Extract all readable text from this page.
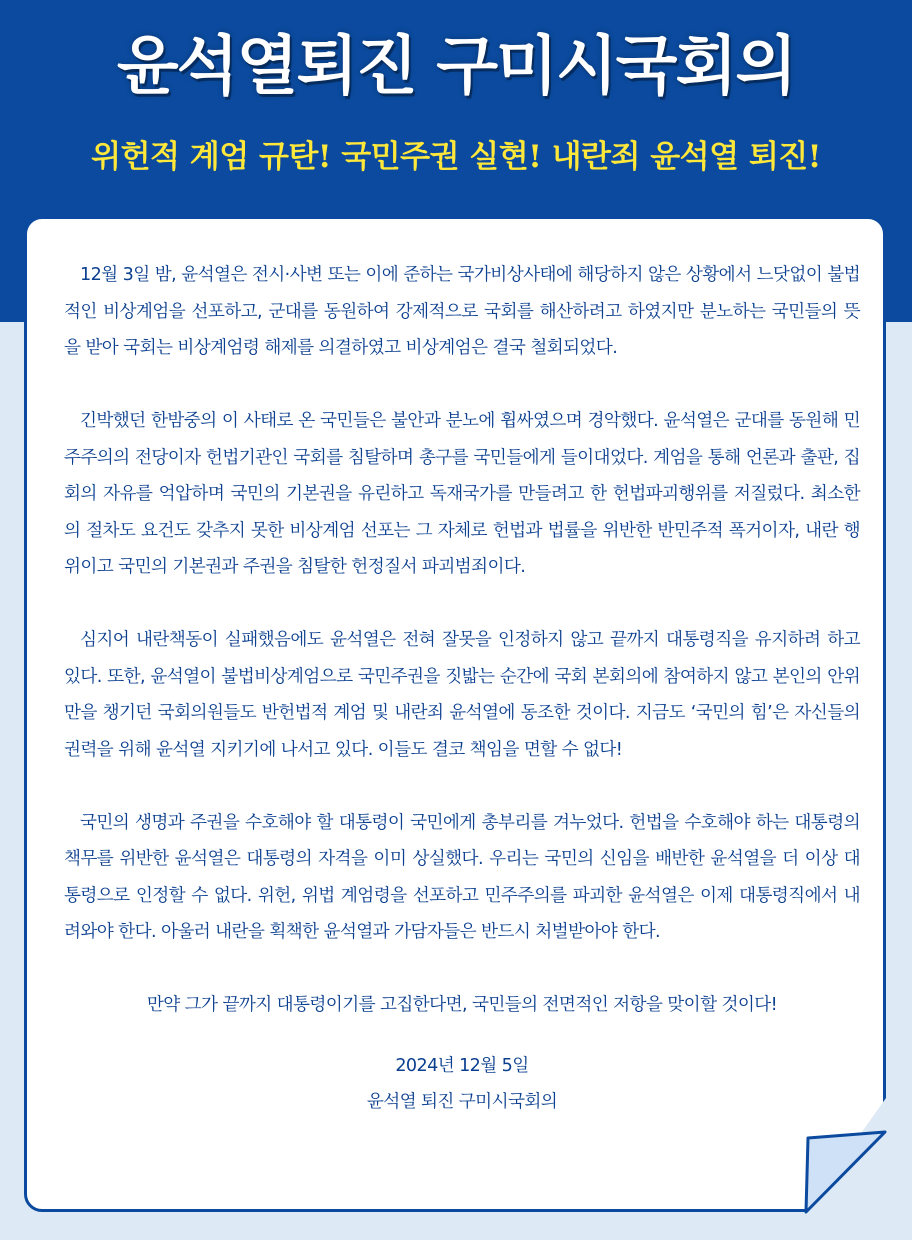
윤석열퇴진 구미시국회의
위헌적 계엄 규탄! 국민주권 실현! 내란죄 윤석열 퇴진!

12월 3일 밤, 윤석열은 전시·사변 또는 이에 준하는 국가비상사태에 해당하지 않은 상황에서 느닷없이 불법적인 비상계엄을 선포하고, 군대를 동원하여 강제적으로 국회를 해산하려고 하였지만 분노하는 국민들의 뜻을 받아 국회는 비상계엄령 해제를 의결하였고 비상계엄은 결국 철회되었다.

긴박했던 한밤중의 이 사태로 온 국민들은 불안과 분노에 휩싸였으며 경악했다. 윤석열은 군대를 동원해 민주주의의 전당이자 헌법기관인 국회를 침탈하며 총구를 국민들에게 들이대었다. 계엄을 통해 언론과 출판, 집회의 자유를 억압하며 국민의 기본권을 유린하고 독재국가를 만들려고 한 헌법파괴행위를 저질렀다. 최소한의 절차도 요건도 갖추지 못한 비상계엄 선포는 그 자체로 헌법과 법률을 위반한 반민주적 폭거이자, 내란 행위이고 국민의 기본권과 주권을 침탈한 헌정질서 파괴범죄이다.

심지어 내란책동이 실패했음에도 윤석열은 전혀 잘못을 인정하지 않고 끝까지 대통령직을 유지하려 하고 있다. 또한, 윤석열이 불법비상계엄으로 국민주권을 짓밟는 순간에 국회 본회의에 참여하지 않고 본인의 안위만을 챙기던 국회의원들도 반헌법적 계엄 및 내란죄 윤석열에 동조한 것이다. 지금도 ‘국민의 힘’은 자신들의 권력을 위해 윤석열 지키기에 나서고 있다. 이들도 결코 책임을 면할 수 없다!

국민의 생명과 주권을 수호해야 할 대통령이 국민에게 총부리를 겨누었다. 헌법을 수호해야 하는 대통령의 책무를 위반한 윤석열은 대통령의 자격을 이미 상실했다. 우리는 국민의 신임을 배반한 윤석열을 더 이상 대통령으로 인정할 수 없다. 위헌, 위법 계엄령을 선포하고 민주주의를 파괴한 윤석열은 이제 대통령직에서 내려와야 한다. 아울러 내란을 획책한 윤석열과 가담자들은 반드시 처벌받아야 한다.

만약 그가 끝까지 대통령이기를 고집한다면, 국민들의 전면적인 저항을 맞이할 것이다!

2024년 12월 5일

윤석열 퇴진 구미시국회의
